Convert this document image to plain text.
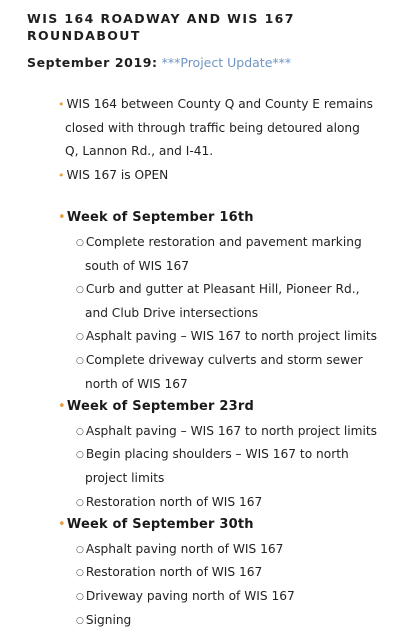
WIS 164 ROADWAY AND WIS 167 ROUNDABOUT
September 2019: ***Project Update***
• WIS 164 between County Q and County E remains
closed with through traffic being detoured along
Q, Lannon Rd., and I-41.
• WIS 167 is OPEN
•Week of September 16th
○ Complete restoration and pavement marking
south of WIS 167
○ Curb and gutter at Pleasant Hill, Pioneer Rd.,
and Club Drive intersections
○ Asphalt paving – WIS 167 to north project limits
○ Complete driveway culverts and storm sewer
north of WIS 167
•Week of September 23rd
○ Asphalt paving – WIS 167 to north project limits
○ Begin placing shoulders – WIS 167 to north
project limits
○ Restoration north of WIS 167
•Week of September 30th
○ Asphalt paving north of WIS 167
○ Restoration north of WIS 167
○ Driveway paving north of WIS 167
○ Signing
